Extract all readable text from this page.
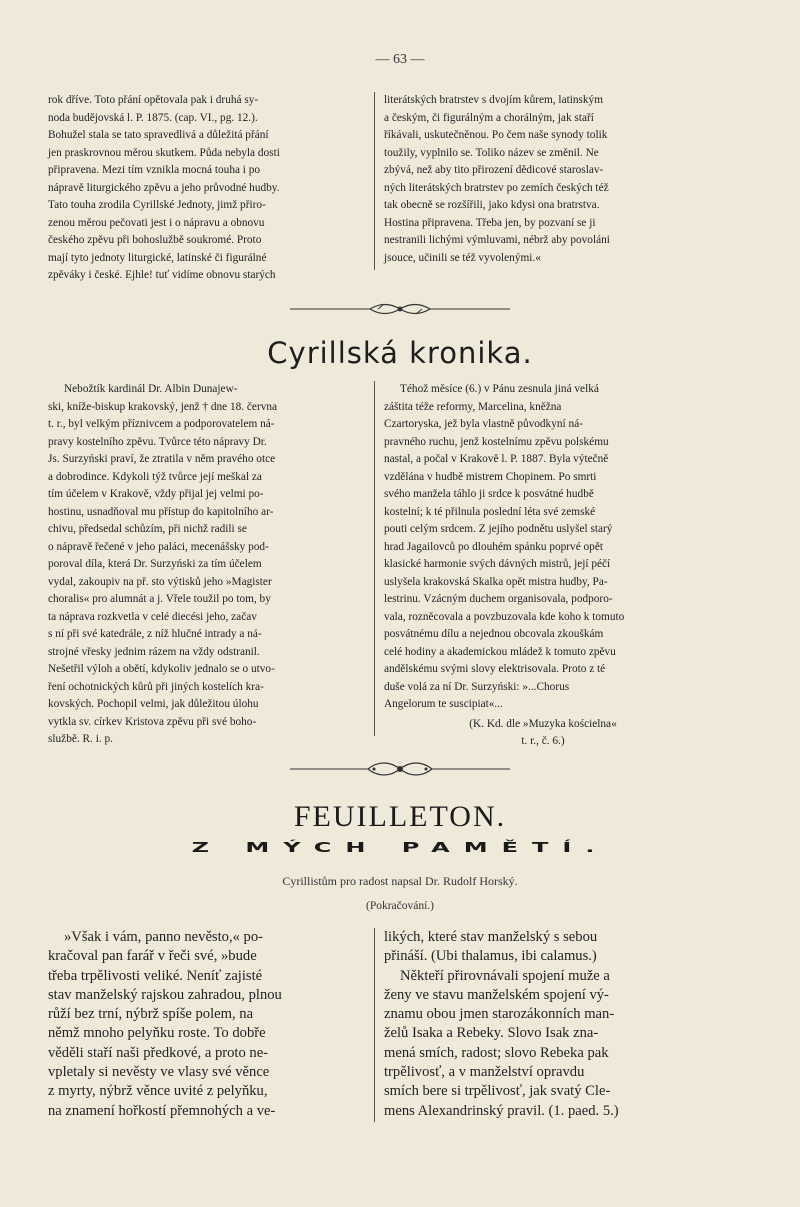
— 63 —

rok dříve. Toto přání opětovala pak i druhá sy-

noda budějovská l. P. 1875. (cap. VI., pg. 12.).

Bohužel stala se tato spravedlivá a důležitá přání

jen praskrovnou měrou skutkem. Půda nebyla dosti

připravena. Mezi tím vznikla mocná touha i po

nápravě liturgického zpěvu a jeho průvodné hudby.

Tato touha zrodila Cyrillské Jednoty, jimž přiro-

zenou měrou pečovati jest i o nápravu a obnovu

českého zpěvu při bohoslužbě soukromé. Proto

mají tyto jednoty liturgické, latinské či figurálné

zpěváky i české. Ejhle! tuť vidíme obnovu starých

literátských bratrstev s dvojím kůrem, latinským

a českým, či figurálným a chorálným, jak staří

říkávali, uskutečněnou. Po čem naše synody tolik

toužily, vyplnilo se. Toliko název se změnil. Ne

zbývá, než aby tito přirození dědicové staroslav-

ných literátských bratrstev po zemích českých též

tak obecně se rozšířili, jako kdysi ona bratrstva.

Hostina připravena. Třeba jen, by pozvaní se ji

nestranili lichými výmluvami, nébrž aby povoláni

jsouce, učinili se též vyvolenými.«

Cyrillská kronika.

Nebožtík kardinál Dr. Albin Dunajew-

ski, kníže-biskup krakovský, jenž † dne 18. června

t. r., byl velkým příznivcem a podporovatelem ná-

pravy kostelního zpěvu. Tvůrce této nápravy Dr.

Js. Surzyński praví, že ztratila v něm pravého otce

a dobrodince. Kdykoli týž tvůrce její meškal za

tím účelem v Krakově, vždy přijal jej velmi po-

hostinu, usnadňoval mu přístup do kapitolního ar-

chivu, předsedal schůzím, při nichž radili se

o nápravě řečené v jeho paláci, mecenášsky pod-

poroval díla, která Dr. Surzyński za tím účelem

vydal, zakoupiv na př. sto výtisků jeho »Magister

choralis« pro alumnát a j. Vřele toužil po tom, by

ta náprava rozkvetla v celé diecési jeho, začav

s ní při své katedrále, z níž hlučné intrady a ná-

strojné vřesky jednim rázem na vždy odstranil.

Nešetřil výloh a obětí, kdykoliv jednalo se o utvo-

ření ochotnických kůrů při jiných kostelích kra-

kovských. Pochopil velmi, jak důležitou úlohu

vytkla sv. církev Kristova zpěvu při své boho-

službě. R. i. p.

Téhož měsíce (6.) v Pánu zesnula jiná velká

záštita téže reformy, Marcelina, kněžna

Czartoryska, jež byla vlastně původkyní ná-

pravného ruchu, jenž kostelnímu zpěvu polskému

nastal, a počal v Krakově l. P. 1887. Byla výtečně

vzdělána v hudbě mistrem Chopinem. Po smrti

svého manžela táhlo ji srdce k posvátné hudbě

kostelní; k té přilnula poslední léta své zemské

pouti celým srdcem. Z jejího podnětu uslyšel starý

hrad Jagailovců po dlouhém spánku poprvé opět

klasické harmonie svých dávných mistrů, její péčí

uslyšela krakovská Skalka opět mistra hudby, Pa-

lestrinu. Vzácným duchem organisovala, podporo-

vala, rozněcovala a povzbuzovala kde koho k tomuto

posvátnému dílu a nejednou obcovala zkouškám

celé hodiny a akademickou mládež k tomuto zpěvu

andělskému svými slovy elektrisovala. Proto z té

duše volá za ní Dr. Surzyński: »...Chorus

Angelorum te suscipiat«...

(K. Kd. dle »Muzyka kościelna«

t. r., č. 6.)

FEUILLETON.
Z MÝCH PAMĚTÍ.
Cyrillistům pro radost napsal Dr. Rudolf Horský.
(Pokračování.)

»Však i vám, panno nevěsto,« po-

kračoval pan farář v řeči své, »bude

třeba trpělivosti veliké. Neníť zajisté

stav manželský rajskou zahradou, plnou

růží bez trní, nýbrž spíše polem, na

němž mnoho pelyňku roste. To dobře

věděli staří naši předkové, a proto ne-

vpletaly si nevěsty ve vlasy své věnce

z myrty, nýbrž věnce uvité z pelyňku,

na znamení hořkostí přemnohých a ve-

likých, které stav manželský s sebou

přináší. (Ubi thalamus, ibi calamus.)

Někteří přirovnávali spojení muže a

ženy ve stavu manželském spojení vý-

znamu obou jmen starozákonních man-

želů Isaka a Rebeky. Slovo Isak zna-

mená smích, radost; slovo Rebeka pak

trpělivosť, a v manželství opravdu

smích bere si trpělivosť, jak svatý Cle-

mens Alexandrinský pravil. (1. paed. 5.)
